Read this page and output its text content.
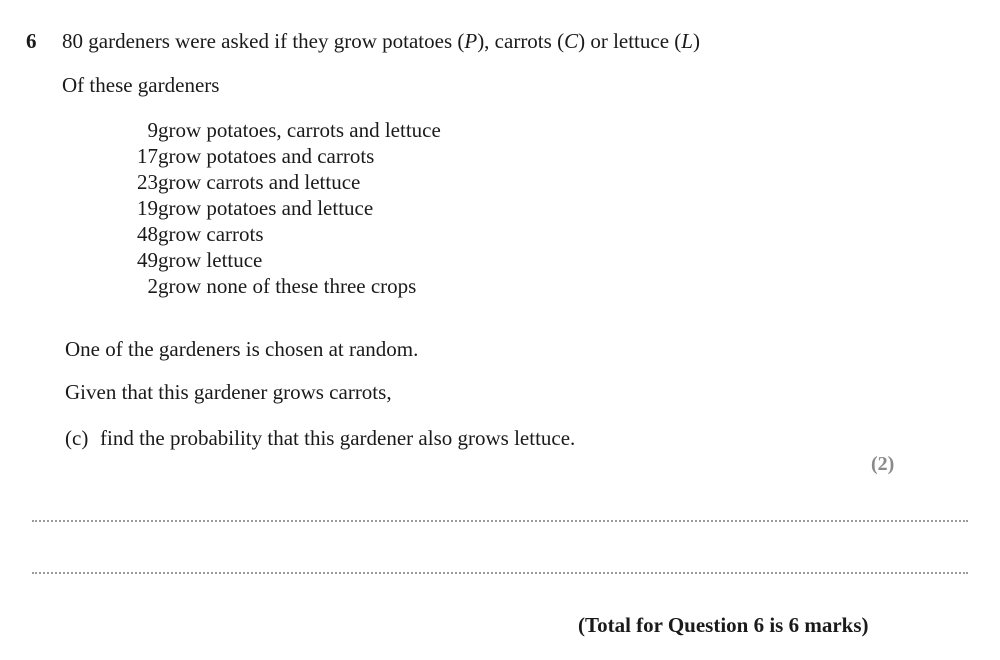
6 80 gardeners were asked if they grow potatoes (P), carrots (C) or lettuce (L)
Of these gardeners
9 grow potatoes, carrots and lettuce
17 grow potatoes and carrots
23 grow carrots and lettuce
19 grow potatoes and lettuce
48 grow carrots
49 grow lettuce
2 grow none of these three crops
One of the gardeners is chosen at random.
Given that this gardener grows carrots,
(c) find the probability that this gardener also grows lettuce.
(2)
(Total for Question 6 is 6 marks)
